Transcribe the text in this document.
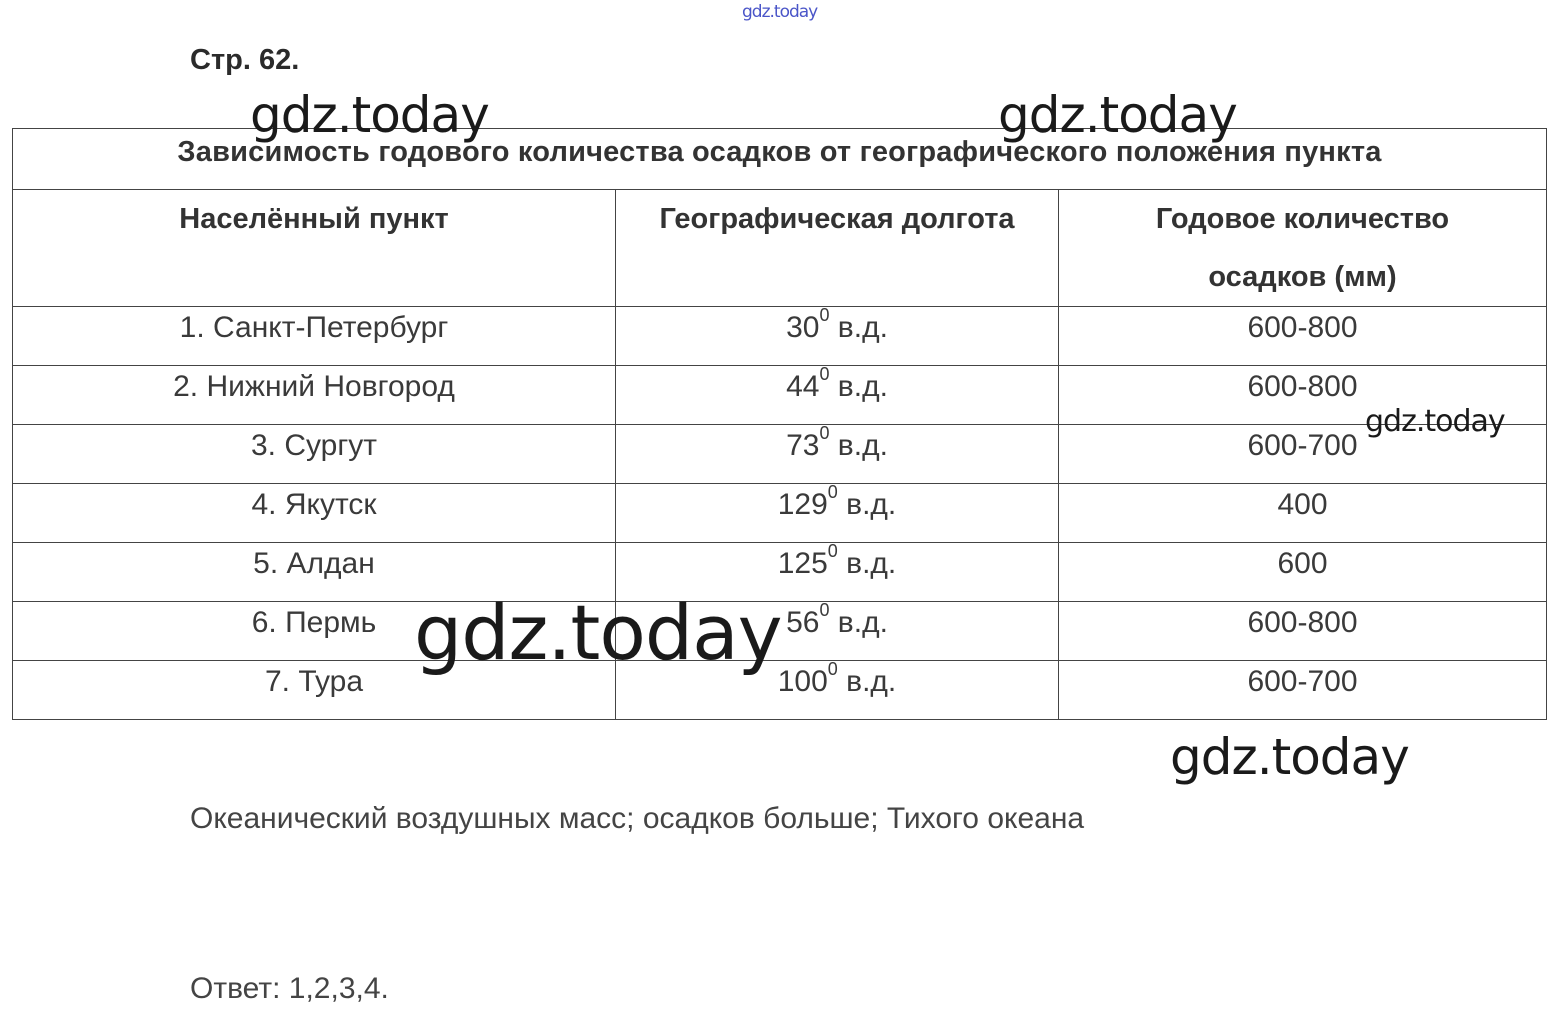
gdz.today
Стр. 62.
Зависимость годового количества осадков от географического положения пункта		
Населённый пункт	Географическая долгота	Годовое количество
осадков (мм)

1. Санкт-Петербург	$30^0$ в.д.	600-800
2. Нижний Новгород	$44^0$ в.д.	600-800
3. Сургут	$73^0$ в.д.	600-700
4. Якутск	$129^0$ в.д.	400
5. Алдан	$125^0$ в.д.	600
6. Пермь	$56^0$ в.д.	600-800
7. Тура	$100^0$ в.д.	600-700

Океанический воздушных масс; осадков больше; Тихого океана

Ответ: 1,2,3,4.

gdz.today	gdz.today
gdz.today
gdz.today
gdz.today
